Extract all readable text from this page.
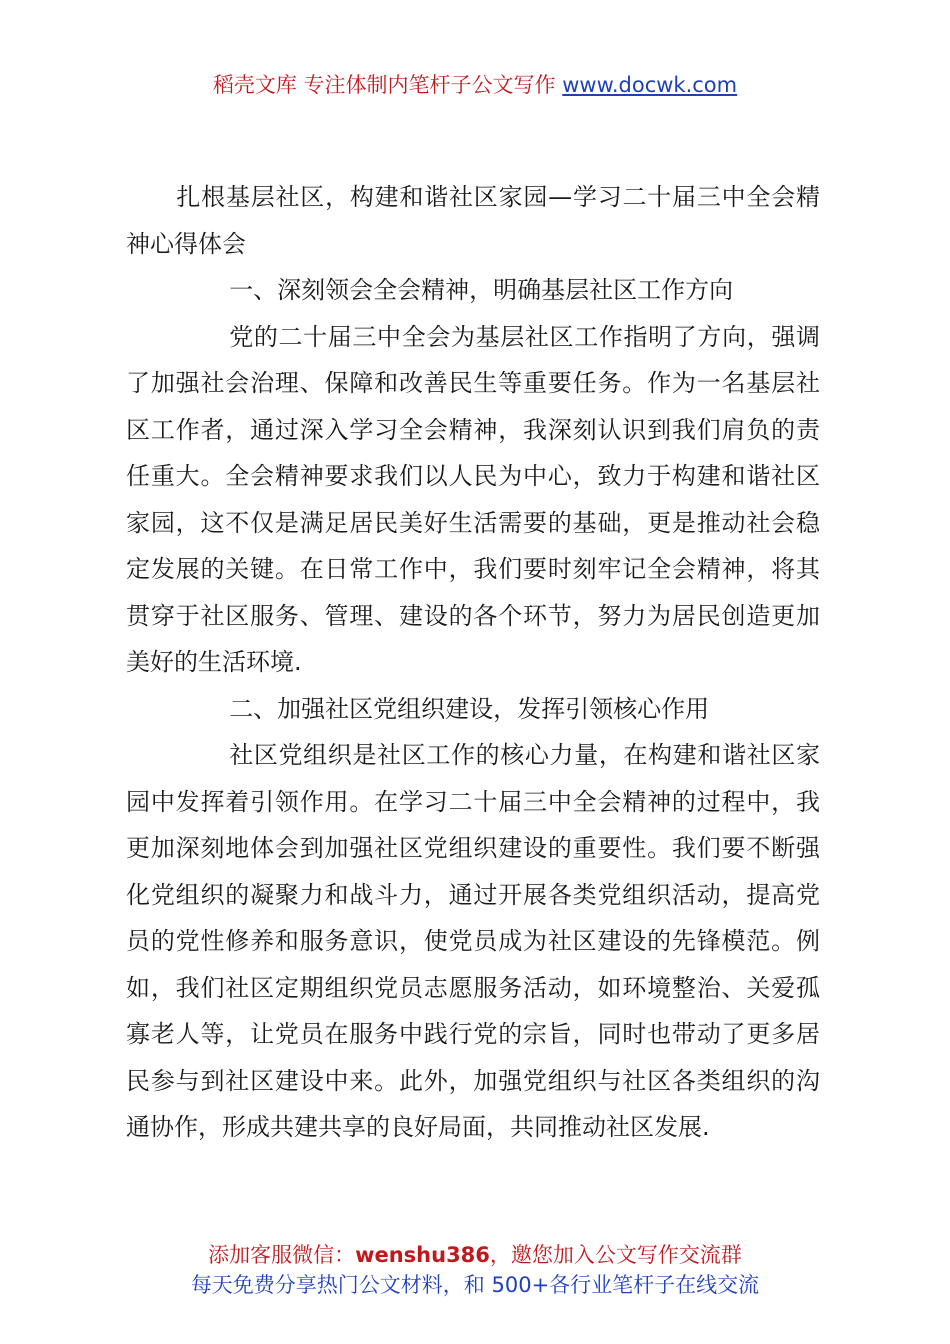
稻壳文库 专注体制内笔杆子公文写作 www.docwk.com

扎根基层社区，构建和谐社区家园—学习二十届三中全会精神心得体会

一、深刻领会全会精神，明确基层社区工作方向

党的二十届三中全会为基层社区工作指明了方向，强调了加强社会治理、保障和改善民生等重要任务。作为一名基层社区工作者，通过深入学习全会精神，我深刻认识到我们肩负的责任重大。全会精神要求我们以人民为中心，致力于构建和谐社区家园，这不仅是满足居民美好生活需要的基础，更是推动社会稳定发展的关键。在日常工作中，我们要时刻牢记全会精神，将其贯穿于社区服务、管理、建设的各个环节，努力为居民创造更加美好的生活环境.

二、加强社区党组织建设，发挥引领核心作用

社区党组织是社区工作的核心力量，在构建和谐社区家园中发挥着引领作用。在学习二十届三中全会精神的过程中，我更加深刻地体会到加强社区党组织建设的重要性。我们要不断强化党组织的凝聚力和战斗力，通过开展各类党组织活动，提高党员的党性修养和服务意识，使党员成为社区建设的先锋模范。例如，我们社区定期组织党员志愿服务活动，如环境整治、关爱孤寡老人等，让党员在服务中践行党的宗旨，同时也带动了更多居民参与到社区建设中来。此外，加强党组织与社区各类组织的沟通协作，形成共建共享的良好局面，共同推动社区发展.

添加客服微信：wenshu386，邀您加入公文写作交流群
每天免费分享热门公文材料，和 500+各行业笔杆子在线交流
